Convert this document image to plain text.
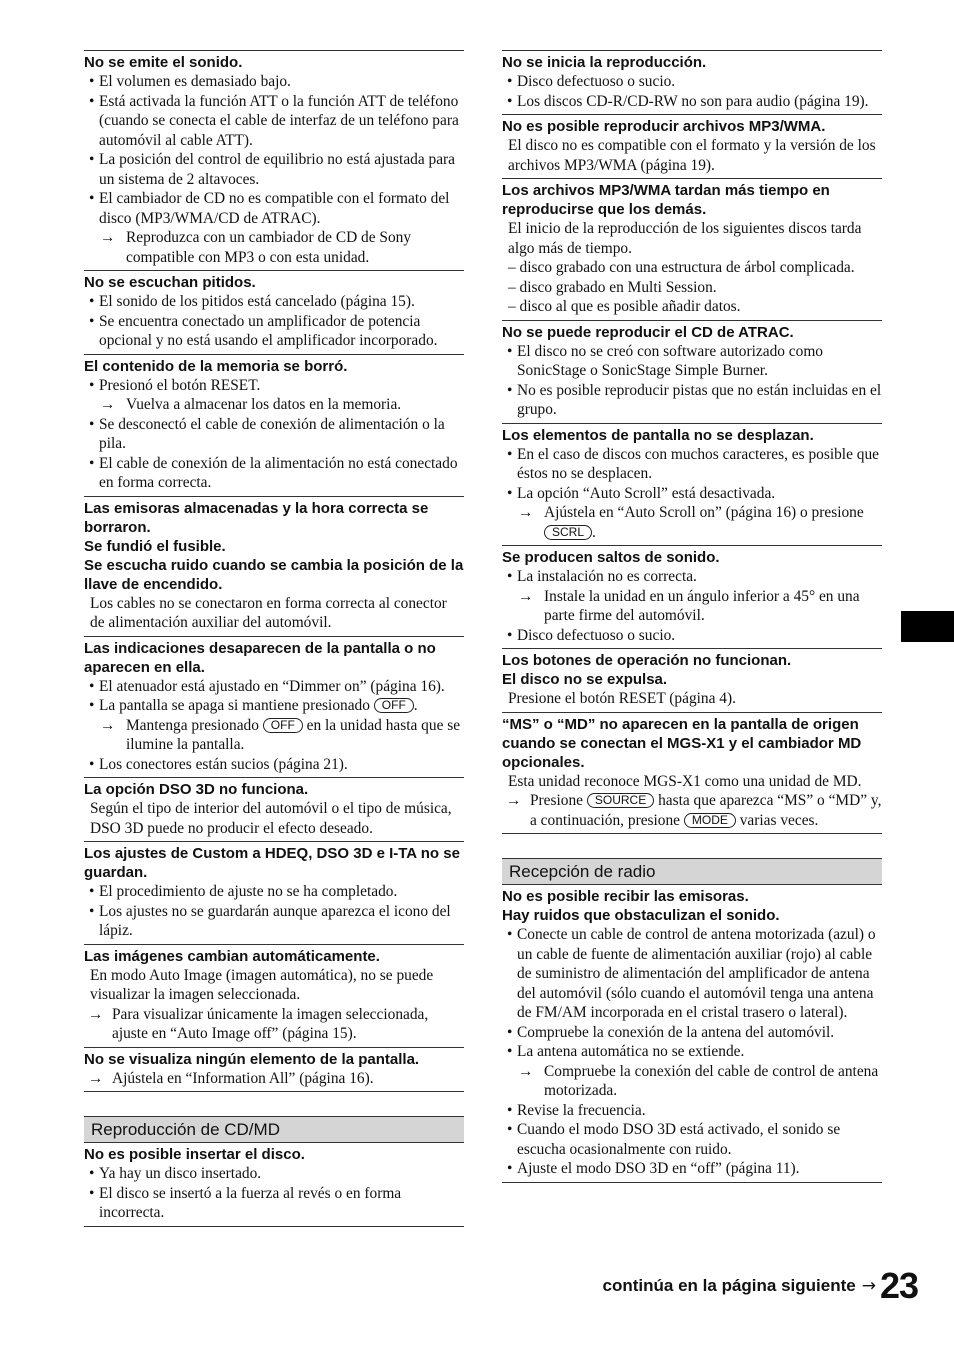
No se emite el sonido.

• El volumen es demasiado bajo.
• Está activada la función ATT o la función ATT de teléfono (cuando se conecta el cable de interfaz de un teléfono para automóvil al cable ATT).
• La posición del control de equilibrio no está ajustada para un sistema de 2 altavoces.
• El cambiador de CD no es compatible con el formato del disco (MP3/WMA/CD de ATRAC).
→ Reproduzca con un cambiador de CD de Sony compatible con MP3 o con esta unidad.

No se escuchan pitidos.

• El sonido de los pitidos está cancelado (página 15).
• Se encuentra conectado un amplificador de potencia opcional y no está usando el amplificador incorporado.

El contenido de la memoria se borró.

• Presionó el botón RESET.
→ Vuelva a almacenar los datos en la memoria.
• Se desconectó el cable de conexión de alimentación o la pila.
• El cable de conexión de la alimentación no está conectado en forma correcta.

Las emisoras almacenadas y la hora correcta se borraron.

Se fundió el fusible.

Se escucha ruido cuando se cambia la posición de la llave de encendido.

Los cables no se conectaron en forma correcta al conector de alimentación auxiliar del automóvil.

Las indicaciones desaparecen de la pantalla o no aparecen en ella.

• El atenuador está ajustado en “Dimmer on” (página 16).
• La pantalla se apaga si mantiene presionado OFF .
→ Mantenga presionado OFF en la unidad hasta que se ilumine la pantalla.
• Los conectores están sucios (página 21).

La opción DSO 3D no funciona.

Según el tipo de interior del automóvil o el tipo de música, DSO 3D puede no producir el efecto deseado.

Los ajustes de Custom a HDEQ, DSO 3D e I-TA no se guardan.

• El procedimiento de ajuste no se ha completado.
• Los ajustes no se guardarán aunque aparezca el icono del lápiz.

Las imágenes cambian automáticamente.

En modo Auto Image (imagen automática), no se puede visualizar la imagen seleccionada.
→ Para visualizar únicamente la imagen seleccionada, ajuste en “Auto Image off” (página 15).

No se visualiza ningún elemento de la pantalla.

→ Ajústela en “Information All” (página 16).
Reproducción de CD/MD

No es posible insertar el disco.

• Ya hay un disco insertado.
• El disco se insertó a la fuerza al revés o en forma incorrecta.

No se inicia la reproducción.

• Disco defectuoso o sucio.
• Los discos CD-R/CD-RW no son para audio (página 19).

No es posible reproducir archivos MP3/WMA.

El disco no es compatible con el formato y la versión de los archivos MP3/WMA (página 19).

Los archivos MP3/WMA tardan más tiempo en reproducirse que los demás.

El inicio de la reproducción de los siguientes discos tarda algo más de tiempo.
– disco grabado con una estructura de árbol complicada.
– disco grabado en Multi Session.
– disco al que es posible añadir datos.

No se puede reproducir el CD de ATRAC.

• El disco no se creó con software autorizado como SonicStage o SonicStage Simple Burner.
• No es posible reproducir pistas que no están incluidas en el grupo.

Los elementos de pantalla no se desplazan.

• En el caso de discos con muchos caracteres, es posible que éstos no se desplacen.
• La opción “Auto Scroll” está desactivada.
→ Ajústela en “Auto Scroll on” (página 16) o presione SCRL .

Se producen saltos de sonido.

• La instalación no es correcta.
→ Instale la unidad en un ángulo inferior a 45° en una parte firme del automóvil.
• Disco defectuoso o sucio.

Los botones de operación no funcionan.

El disco no se expulsa.

Presione el botón RESET (página 4).

“MS” o “MD” no aparecen en la pantalla de origen cuando se conectan el MGS-X1 y el cambiador MD opcionales.

Esta unidad reconoce MGS-X1 como una unidad de MD.
→ Presione SOURCE hasta que aparezca “MS” o “MD” y, a continuación, presione MODE varias veces.
Recepción de radio

No es posible recibir las emisoras.

Hay ruidos que obstaculizan el sonido.

• Conecte un cable de control de antena motorizada (azul) o un cable de fuente de alimentación auxiliar (rojo) al cable de suministro de alimentación del amplificador de antena del automóvil (sólo cuando el automóvil tenga una antena de FM/AM incorporada en el cristal trasero o lateral).
• Compruebe la conexión de la antena del automóvil.
• La antena automática no se extiende.
→ Compruebe la conexión del cable de control de antena motorizada.
• Revise la frecuencia.
• Cuando el modo DSO 3D está activado, el sonido se escucha ocasionalmente con ruido.
• Ajuste el modo DSO 3D en “off” (página 11).
continúa en la página siguiente → 23
